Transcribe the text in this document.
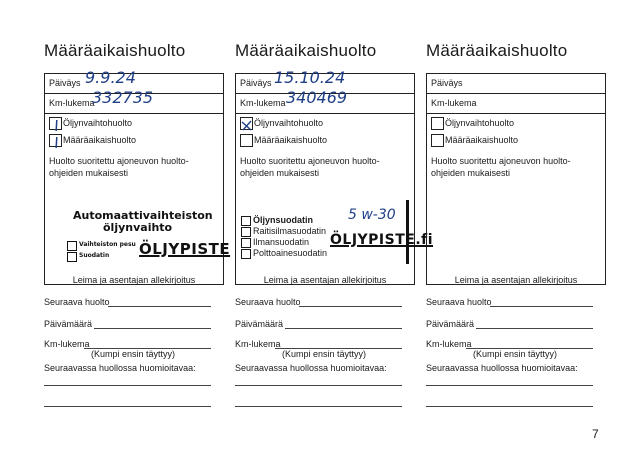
Määräaikaishuolto
Päiväys 9.9.24
Km-lukema
332735
Öljynvaihtohuolto
Määräaikaishuolto
Huolto suoritettu ajoneuvon huolto-ohjeiden mukaisesti
Automaattivaihteiston
öljynvaihto
Vaihteiston pesu
Suodatin ÖLJYPISTE
Leima ja asentajan allekirjoitus
Seuraava huolto
Päivämäärä
Km-lukema
(Kumpi ensin täyttyy)
Seuraavassa huollossa huomioitavaa:
Määräaikaishuolto
Päiväys 15.10.24
Km-lukema 340469
Öljynvaihtohuolto
Määräaikaishuolto
Huolto suoritettu ajoneuvon huolto-ohjeiden mukaisesti
Öljynsuodatin
Raitisilmasuodatin
Ilmansuodatin
Polttoainesuodatin
5 w-30
ÖLJYPISTE.fi
Leima ja asentajan allekirjoitus
Seuraava huolto
Päivämäärä
Km-lukema
(Kumpi ensin täyttyy)
Seuraavassa huollossa huomioitavaa:
Määräaikaishuolto
Päiväys
Km-lukema
Öljynvaihtohuolto
Määräaikaishuolto
Huolto suoritettu ajoneuvon huolto-ohjeiden mukaisesti
Leima ja asentajan allekirjoitus
Seuraava huolto
Päivämäärä
Km-lukema
(Kumpi ensin täyttyy)
Seuraavassa huollossa huomioitavaa:
7
